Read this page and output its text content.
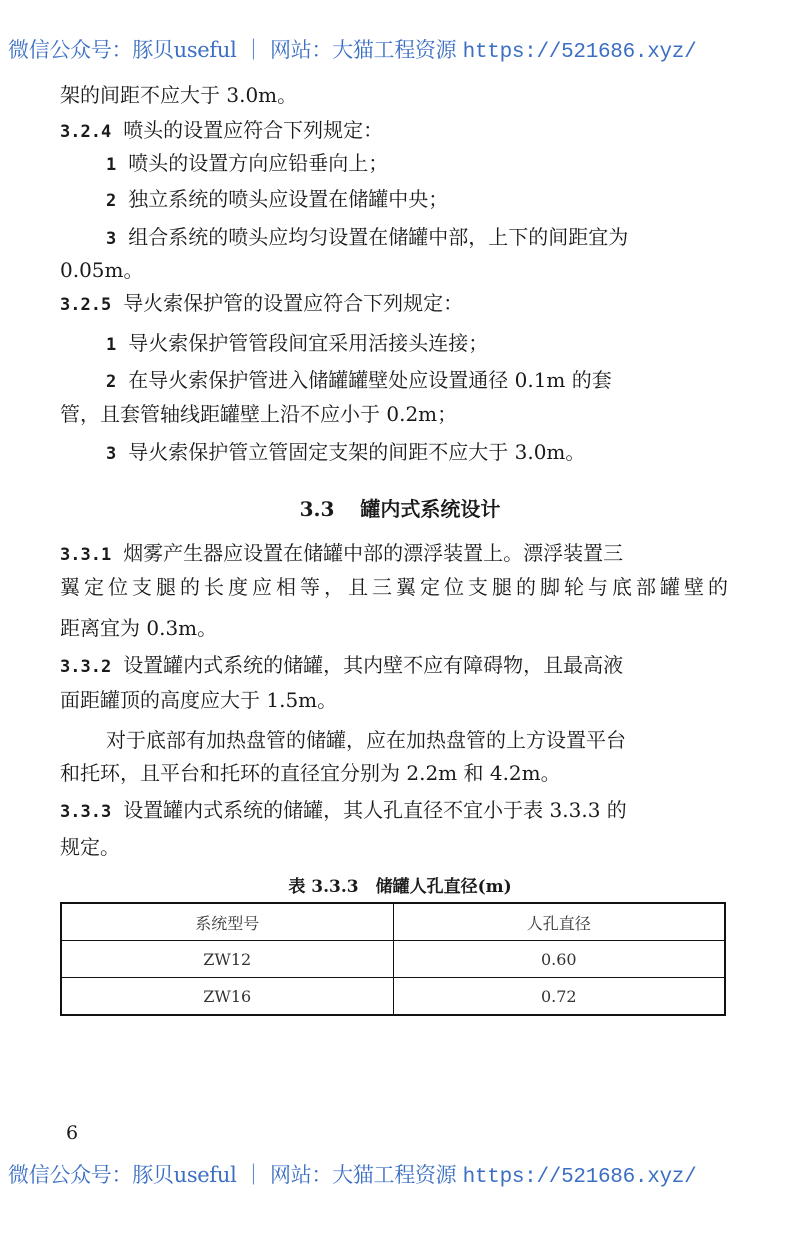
微信公众号：豚贝useful ｜ 网站：大猫工程资源 https://521686.xyz/
架的间距不应大于 3.0m。
3.2.4 喷头的设置应符合下列规定：
1 喷头的设置方向应铅垂向上；
2 独立系统的喷头应设置在储罐中央；
3 组合系统的喷头应均匀设置在储罐中部，上下的间距宜为
0.05m。
3.2.5 导火索保护管的设置应符合下列规定：
1 导火索保护管管段间宜采用活接头连接；
2 在导火索保护管进入储罐罐壁处应设置通径 0.1m 的套
管，且套管轴线距罐壁上沿不应小于 0.2m；
3 导火索保护管立管固定支架的间距不应大于 3.0m。
3.3 罐内式系统设计
3.3.1 烟雾产生器应设置在储罐中部的漂浮装置上。漂浮装置三
翼定位支腿的长度应相等，且三翼定位支腿的脚轮与底部罐壁的
距离宜为 0.3m。
3.3.2 设置罐内式系统的储罐，其内壁不应有障碍物，且最高液
面距罐顶的高度应大于 1.5m。
对于底部有加热盘管的储罐，应在加热盘管的上方设置平台
和托环，且平台和托环的直径宜分别为 2.2m 和 4.2m。
3.3.3 设置罐内式系统的储罐，其人孔直径不宜小于表 3.3.3 的
规定。
表 3.3.3　储罐人孔直径(m)
系统型号	人孔直径
ZW12	0.60
ZW16	0.72
6
微信公众号：豚贝useful ｜ 网站：大猫工程资源 https://521686.xyz/
